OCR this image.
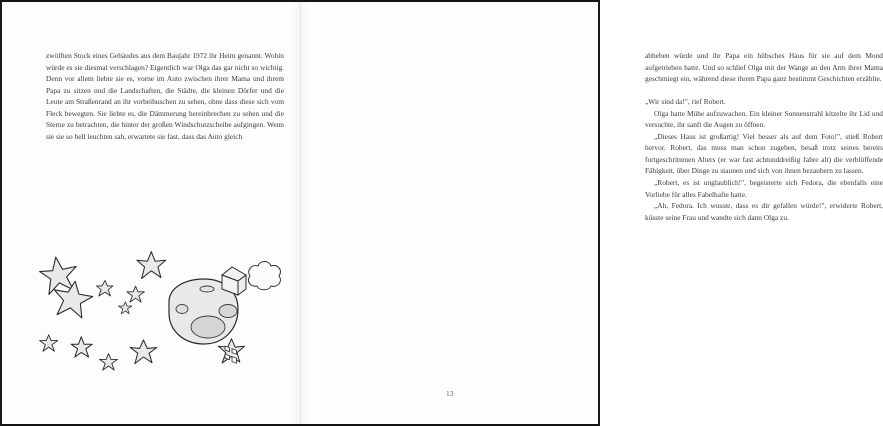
zwölften Stock eines Gebäudes aus dem Baujahr 1972 ihr Heim genannt. Wohin würde es sie diesmal verschlagen? Eigentlich war Olga das gar nicht so wichtig. Denn vor allem liebte sie es, vorne im Auto zwischen ihrer Mama und ihrem Papa zu sitzen und die Landschaften, die Städte, die kleinen Dörfer und die Leute am Straßenrand an ihr vorbeihuschen zu sehen, ohne dass diese sich vom Fleck bewegten. Sie liebte es, die Dämmerung hereinbrechen zu sehen und die Sterne zu betrachten, die hinter der großen Windschutzscheibe aufgingen. Wenn sie sie so hell leuchten sah, erwartete sie fast, dass das Auto gleich

abheben würde und ihr Papa ein hübsches Haus für sie auf dem Mond aufgetrieben hatte. Und so schlief Olga mit der Wange an den Arm ihrer Mama geschmiegt ein, während diese ihrem Papa ganz bestimmt Geschichten erzählte.

„Wir sind da!", rief Robert.

Olga hatte Mühe aufzuwachen. Ein kleiner Sonnenstrahl kitzelte ihr Lid und versuchte, ihr sanft die Augen zu öffnen.

„Dieses Haus ist großartig! Viel besser als auf dem Foto!", stieß Robert hervor. Robert, das muss man schon zugeben, besaß trotz seines bereits fortgeschrittenen Alters (er war fast achtunddreißig Jahre alt) die verblüffende Fähigkeit, über Dinge zu staunen und sich von ihnen bezaubern zu lassen.

„Robert, es ist unglaublich!", begeisterte sich Fedora, die ebenfalls eine Vorliebe für alles Fabelhafte hatte.

„Ah, Fedora. Ich wusste, dass es dir gefallen würde!", erwiderte Robert, küsste seine Frau und wandte sich dann Olga zu.

13
